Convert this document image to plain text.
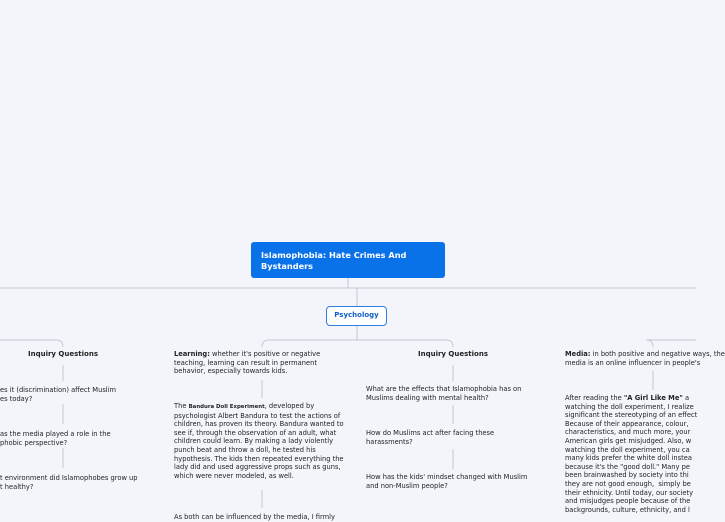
Islamophobia: Hate Crimes And Bystanders
Psychology
Inquiry Questions
es it (discrimination) affect Muslim
es today?
as the media played a role in the
phobic perspective?
t environment did Islamophobes grow up
t healthy?
Learning: whether it's positive or negative teaching, learning can result in permanent behavior, especially towards kids.
The Bandura Doll Experiment, developed by psychologist Albert Bandura to test the actions of children, has proven its theory. Bandura wanted to see if, through the observation of an adult, what children could learn. By making a lady violently punch beat and throw a doll, he tested his hypothesis. The kids then repeated everything the lady did and used aggressive props such as guns, which were never modeled, as well.
As both can be influenced by the media, I firmly
Inquiry Questions
What are the effects that Islamophobia has on Muslims dealing with mental health?
How do Muslims act after facing these harassments?
How has the kids' mindset changed with Muslim and non-Muslim people?
Media: in both positive and negative ways, the
media is an online influencer in people's
After reading the "A Girl Like Me" a
watching the doll experiment, I realize
significant the stereotyping of an effect
Because of their appearance, colour,
characteristics, and much more, your
American girls get misjudged. Also, w
watching the doll experiment, you ca
many kids prefer the white doll instea
because it's the "good doll." Many pe
been brainwashed by society into thi
they are not good enough,  simply be
their ethnicity. Until today, our society
and misjudges people because of the
backgrounds, culture, ethnicity, and l
